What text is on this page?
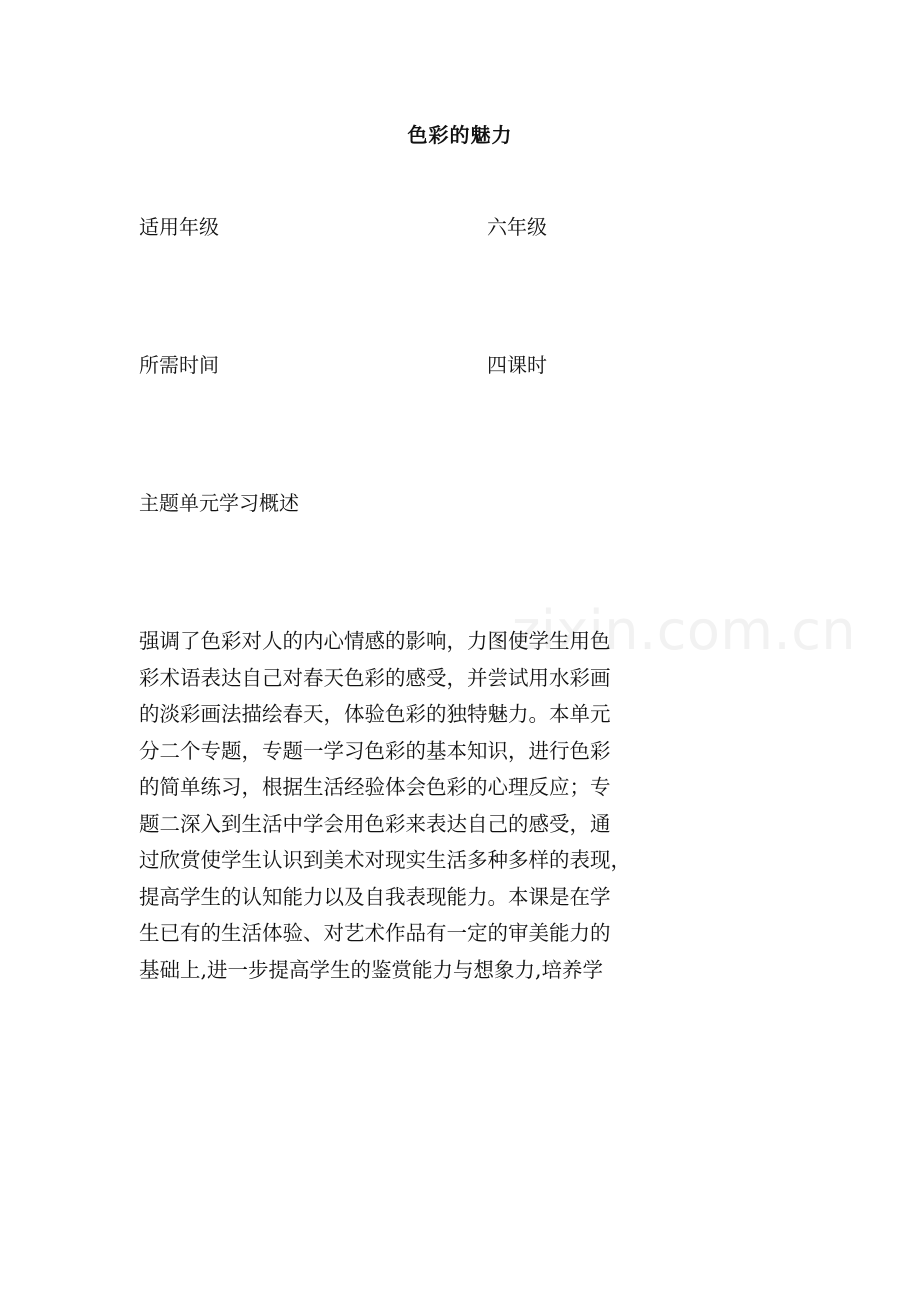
zixin.com.cn
色彩的魅力
适用年级	六年级
所需时间	四课时
主题单元学习概述
强调了色彩对人的内心情感的影响，力图使学生用色
彩术语表达自己对春天色彩的感受，并尝试用水彩画
的淡彩画法描绘春天，体验色彩的独特魅力。本单元
分二个专题，专题一学习色彩的基本知识，进行色彩
的简单练习，根据生活经验体会色彩的心理反应；专
题二深入到生活中学会用色彩来表达自己的感受，通
过欣赏使学生认识到美术对现实生活多种多样的表现，
提高学生的认知能力以及自我表现能力。本课是在学
生已有的生活体验、对艺术作品有一定的审美能力的
基础上,进一步提高学生的鉴赏能力与想象力,培养学
